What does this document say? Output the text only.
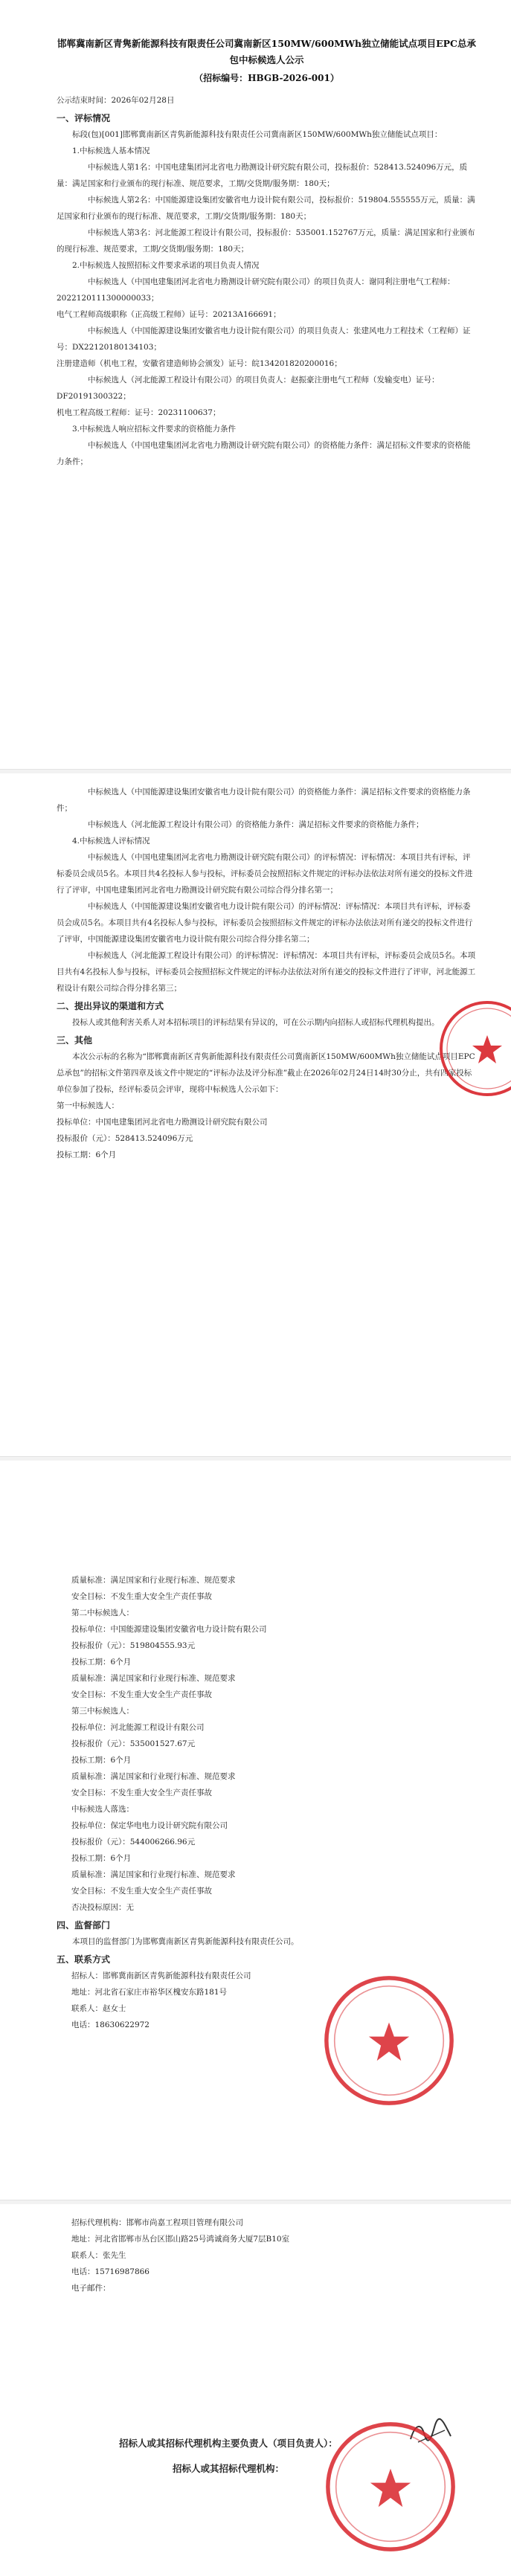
邯郸冀南新区青隽新能源科技有限责任公司冀南新区150MW/600MWh独立储能试点项目EPC总承包中标候选人公示

（招标编号：HBGB-2026-001）

公示结束时间：2026年02月28日

一、评标情况

标段(包)[001]邯郸冀南新区青隽新能源科技有限责任公司冀南新区150MW/600MWh独立储能试点项目：

1.中标候选人基本情况

中标候选人第1名：中国电建集团河北省电力勘测设计研究院有限公司，投标报价：528413.524096万元，质量：满足国家和行业颁布的现行标准、规范要求，工期/交货期/服务期：180天；

中标候选人第2名：中国能源建设集团安徽省电力设计院有限公司，投标报价：519804.555555万元，质量：满足国家和行业颁布的现行标准、规范要求，工期/交货期/服务期：180天；

中标候选人第3名：河北能源工程设计有限公司，投标报价：535001.152767万元，质量：满足国家和行业颁布的现行标准、规范要求，工期/交货期/服务期：180天；

2.中标候选人按照招标文件要求承诺的项目负责人情况

中标候选人（中国电建集团河北省电力勘测设计研究院有限公司）的项目负责人：谢同利注册电气工程师：2022120111300000033；

电气工程师高级职称（正高级工程师）证号：20213A166691；

中标候选人（中国能源建设集团安徽省电力设计院有限公司）的项目负责人：张建风电力工程技术（工程师）证号：DX22120180134103；

注册建造师（机电工程，安徽省建造师协会颁发）证号：皖134201820200016；

中标候选人（河北能源工程设计有限公司）的项目负责人：赵振豪注册电气工程师（发输变电）证号：DF20191300322；

机电工程高级工程师：证号：20231100637；

3.中标候选人响应招标文件要求的资格能力条件

中标候选人（中国电建集团河北省电力勘测设计研究院有限公司）的资格能力条件：满足招标文件要求的资格能力条件；

中标候选人（中国能源建设集团安徽省电力设计院有限公司）的资格能力条件：满足招标文件要求的资格能力条件；

中标候选人（河北能源工程设计有限公司）的资格能力条件：满足招标文件要求的资格能力条件；

4.中标候选人评标情况

中标候选人（中国电建集团河北省电力勘测设计研究院有限公司）的评标情况：评标情况：本项目共有评标，评标委员会成员5名。本项目共4名投标人参与投标，评标委员会按照招标文件规定的评标办法依法对所有递交的投标文件进行了评审，中国电建集团河北省电力勘测设计研究院有限公司综合得分排名第一；

中标候选人（中国能源建设集团安徽省电力设计院有限公司）的评标情况：评标情况：本项目共有评标，评标委员会成员5名。本项目共有4名投标人参与投标，评标委员会按照招标文件规定的评标办法依法对所有递交的投标文件进行了评审，中国能源建设集团安徽省电力设计院有限公司综合得分排名第二；

中标候选人（河北能源工程设计有限公司）的评标情况：评标情况：本项目共有评标，评标委员会成员5名。本项目共有4名投标人参与投标，评标委员会按照招标文件规定的评标办法依法对所有递交的投标文件进行了评审，河北能源工程设计有限公司综合得分排名第三；

二、提出异议的渠道和方式

投标人或其他利害关系人对本招标项目的评标结果有异议的，可在公示期内向招标人或招标代理机构提出。

三、其他

本次公示标的名称为“邯郸冀南新区青隽新能源科技有限责任公司冀南新区150MW/600MWh独立储能试点项目EPC总承包”的招标文件第四章及该文件中规定的“评标办法及评分标准”截止在2026年02月24日14时30分止，共有四家投标单位参加了投标，经评标委员会评审，现将中标候选人公示如下：

第一中标候选人：

投标单位：中国电建集团河北省电力勘测设计研究院有限公司

投标报价（元）：528413.524096万元

投标工期：6个月

质量标准：满足国家和行业现行标准、规范要求

安全目标：不发生重大安全生产责任事故

第二中标候选人：

投标单位：中国能源建设集团安徽省电力设计院有限公司

投标报价（元）：519804555.93元

投标工期：6个月

质量标准：满足国家和行业现行标准、规范要求

安全目标：不发生重大安全生产责任事故

第三中标候选人：

投标单位：河北能源工程设计有限公司

投标报价（元）：535001527.67元

投标工期：6个月

质量标准：满足国家和行业现行标准、规范要求

安全目标：不发生重大安全生产责任事故

中标候选人落选：

投标单位：保定华电电力设计研究院有限公司

投标报价（元）：544006266.96元

投标工期：6个月

质量标准：满足国家和行业现行标准、规范要求

安全目标：不发生重大安全生产责任事故

否决投标原因：无

四、监督部门

本项目的监督部门为邯郸冀南新区青隽新能源科技有限责任公司。

五、联系方式

招标人：邯郸冀南新区青隽新能源科技有限责任公司

地址：河北省石家庄市裕华区槐安东路181号

联系人：赵女士

电话：18630622972

招标代理机构：邯郸市尚嘉工程项目管理有限公司

地址：河北省邯郸市丛台区邯山路25号鸿诚商务大厦7层B10室

联系人：张先生

电话：15716987866

电子邮件：

招标人或其招标代理机构主要负责人（项目负责人）：
招标人或其招标代理机构：
